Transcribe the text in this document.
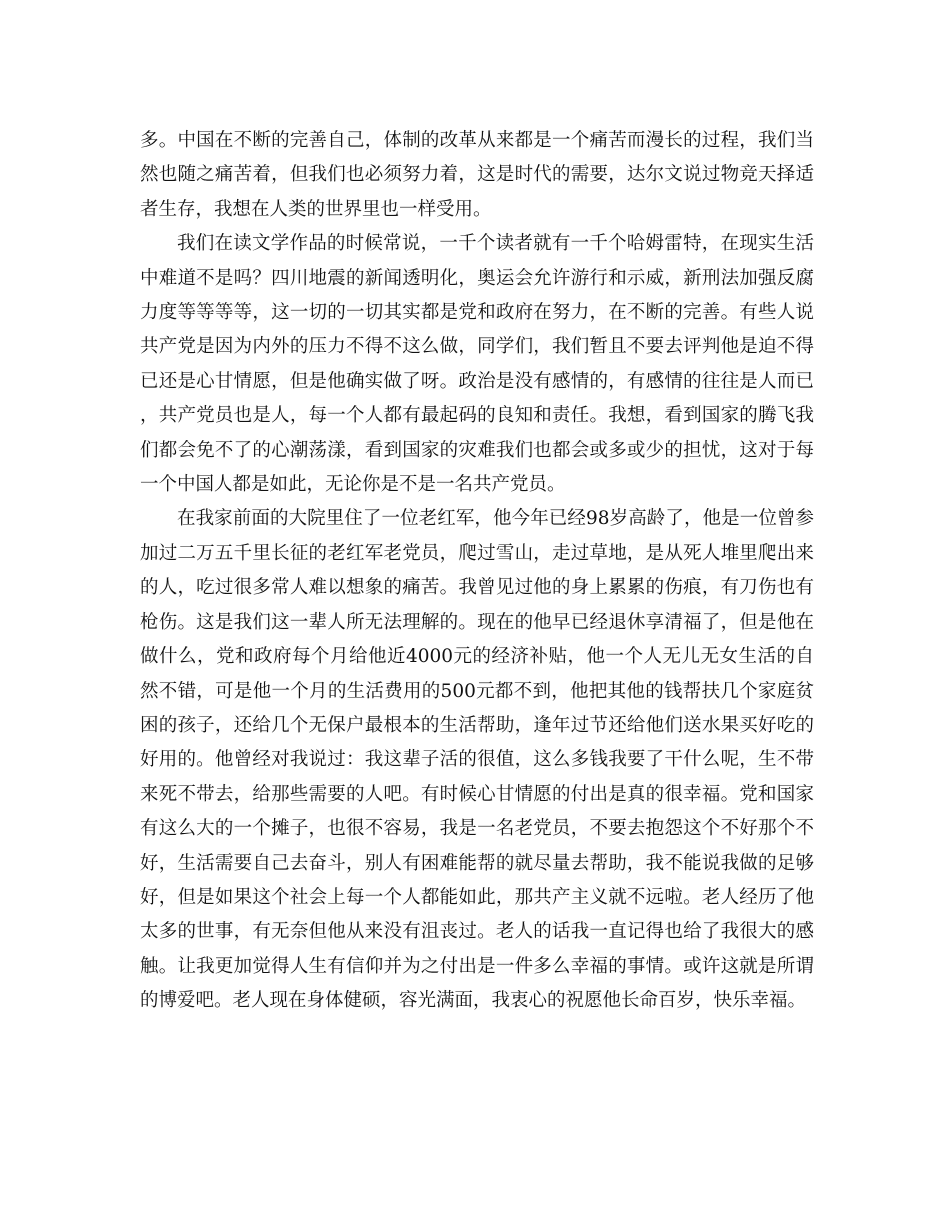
多。中国在不断的完善自己，体制的改革从来都是一个痛苦而漫长的过程，我们当然也随之痛苦着，但我们也必须努力着，这是时代的需要，达尔文说过物竞天择适者生存，我想在人类的世界里也一样受用。

我们在读文学作品的时候常说，一千个读者就有一千个哈姆雷特，在现实生活中难道不是吗？四川地震的新闻透明化，奥运会允许游行和示威，新刑法加强反腐力度等等等等，这一切的一切其实都是党和政府在努力，在不断的完善。有些人说共产党是因为内外的压力不得不这么做，同学们，我们暂且不要去评判他是迫不得已还是心甘情愿，但是他确实做了呀。政治是没有感情的，有感情的往往是人而已，共产党员也是人，每一个人都有最起码的良知和责任。我想，看到国家的腾飞我们都会免不了的心潮荡漾，看到国家的灾难我们也都会或多或少的担忧，这对于每一个中国人都是如此，无论你是不是一名共产党员。

在我家前面的大院里住了一位老红军，他今年已经98岁高龄了，他是一位曾参加过二万五千里长征的老红军老党员，爬过雪山，走过草地，是从死人堆里爬出来的人，吃过很多常人难以想象的痛苦。我曾见过他的身上累累的伤痕，有刀伤也有枪伤。这是我们这一辈人所无法理解的。现在的他早已经退休享清福了，但是他在做什么，党和政府每个月给他近4000元的经济补贴，他一个人无儿无女生活的自然不错，可是他一个月的生活费用的500元都不到，他把其他的钱帮扶几个家庭贫困的孩子，还给几个无保户最根本的生活帮助，逢年过节还给他们送水果买好吃的好用的。他曾经对我说过：我这辈子活的很值，这么多钱我要了干什么呢，生不带来死不带去，给那些需要的人吧。有时候心甘情愿的付出是真的很幸福。党和国家有这么大的一个摊子，也很不容易，我是一名老党员，不要去抱怨这个不好那个不好，生活需要自己去奋斗，别人有困难能帮的就尽量去帮助，我不能说我做的足够好，但是如果这个社会上每一个人都能如此，那共产主义就不远啦。老人经历了他太多的世事，有无奈但他从来没有沮丧过。老人的话我一直记得也给了我很大的感触。让我更加觉得人生有信仰并为之付出是一件多么幸福的事情。或许这就是所谓的博爱吧。老人现在身体健硕，容光满面，我衷心的祝愿他长命百岁，快乐幸福。
